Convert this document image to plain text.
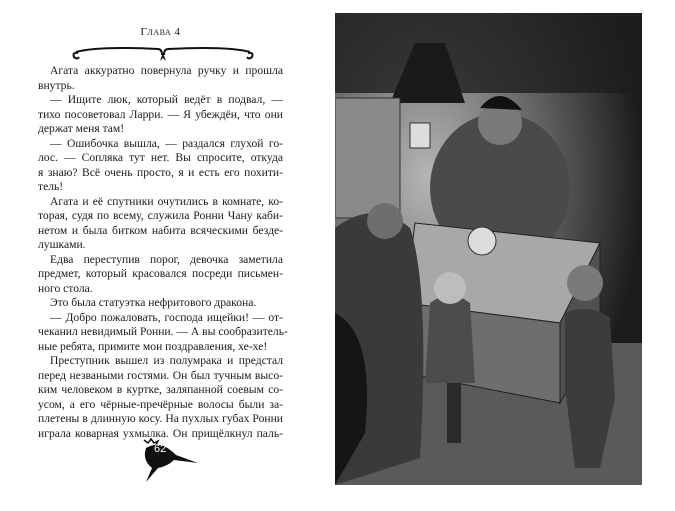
Глава 4
Агата аккуратно повернула ручку и прошла
внутрь.
— Ищите люк, который ведёт в подвал, —
тихо посоветовал Ларри. — Я убеждён, что они
держат меня там!
— Ошибочка вышла, — раздался глухой го-
лос. — Сопляка тут нет. Вы спросите, откуда
я знаю? Всё очень просто, я и есть его похити-
тель!
Агата и её спутники очутились в комнате, ко-
торая, судя по всему, служила Ронни Чану каби-
нетом и была битком набита всяческими безде-
лушками.
Едва переступив порог, девочка заметила
предмет, который красовался посреди письмен-
ного стола.
Это была статуэтка нефритового дракона.
— Добро пожаловать, господа ищейки! — от-
чеканил невидимый Ронни. — А вы сообразитель-
ные ребята, примите мои поздравления, хе-хе!
Преступник вышел из полумрака и предстал
перед незваными гостями. Он был тучным высо-
ким человеком в куртке, заляпанной соевым со-
усом, а его чёрные-пречёрные волосы были за-
плетены в длинную косу. На пухлых губах Ронни
играла коварная ухмылка. Он прищёлкнул паль-
62
